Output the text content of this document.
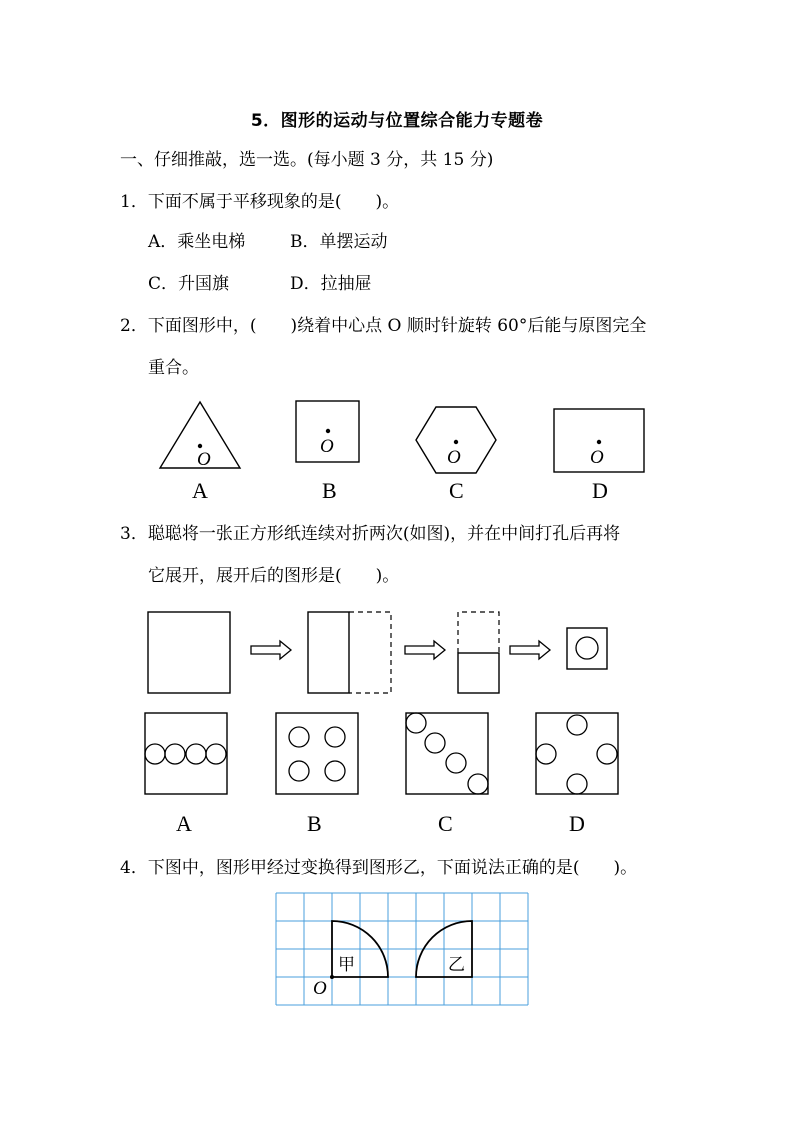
5．图形的运动与位置综合能力专题卷
一、仔细推敲，选一选。(每小题 3 分，共 15 分)
1．下面不属于平移现象的是(　　)。
A．乘坐电梯	B．单摆运动
C．升国旗	D．拉抽屉
2．下面图形中，(　　)绕着中心点 O 顺时针旋转 60°后能与原图完全
重合。
O
A
O
B
O
C
O
D
3．聪聪将一张正方形纸连续对折两次(如图)，并在中间打孔后再将
它展开，展开后的图形是(　　)。
A	B	C	D
4．下图中，图形甲经过变换得到图形乙，下面说法正确的是(　　)。
甲	乙
O
